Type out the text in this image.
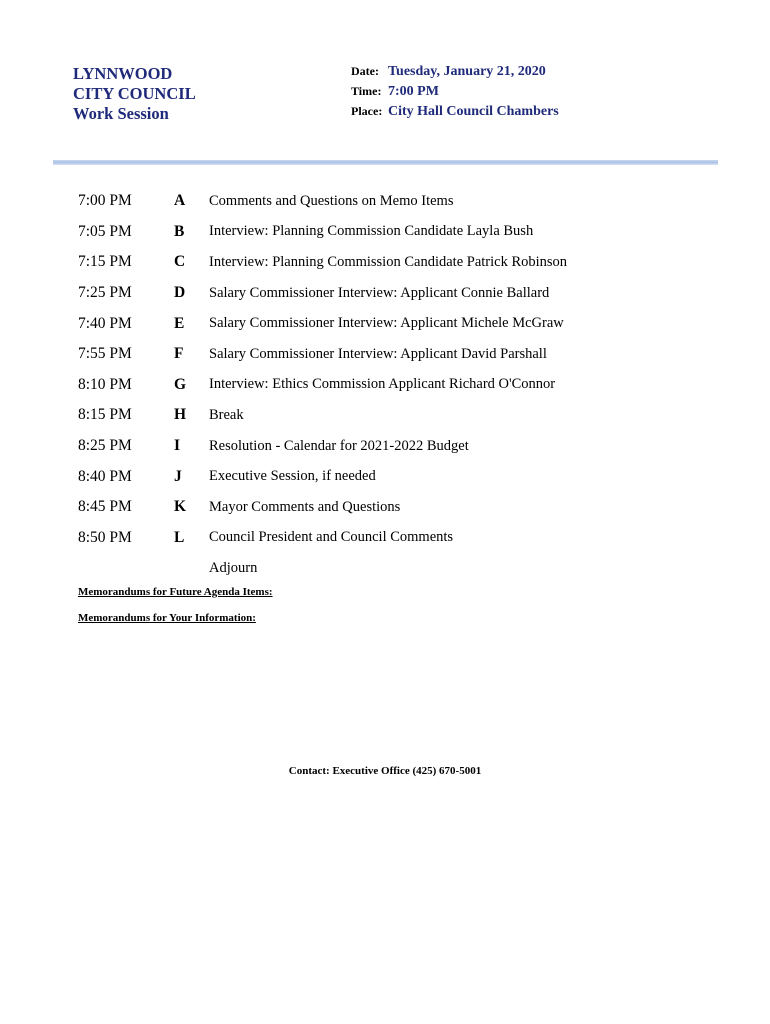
LYNNWOOD
CITY COUNCIL
Work Session
Date: Tuesday, January 21, 2020
Time: 7:00 PM
Place: City Hall Council Chambers
7:00 PM	A	Comments and Questions on Memo Items
7:05 PM	B	Interview: Planning Commission Candidate Layla Bush
7:15 PM	C	Interview: Planning Commission Candidate Patrick Robinson
7:25 PM	D	Salary Commissioner Interview: Applicant Connie Ballard
7:40 PM	E	Salary Commissioner Interview: Applicant Michele McGraw
7:55 PM	F	Salary Commissioner Interview: Applicant David Parshall
8:10 PM	G	Interview: Ethics Commission Applicant Richard O'Connor
8:15 PM	H	Break
8:25 PM	I	Resolution - Calendar for 2021-2022 Budget
8:40 PM	J	Executive Session, if needed
8:45 PM	K	Mayor Comments and Questions
8:50 PM	L	Council President and Council Comments
Adjourn
Memorandums for Future Agenda Items:
Memorandums for Your Information:
Contact: Executive Office (425) 670-5001
